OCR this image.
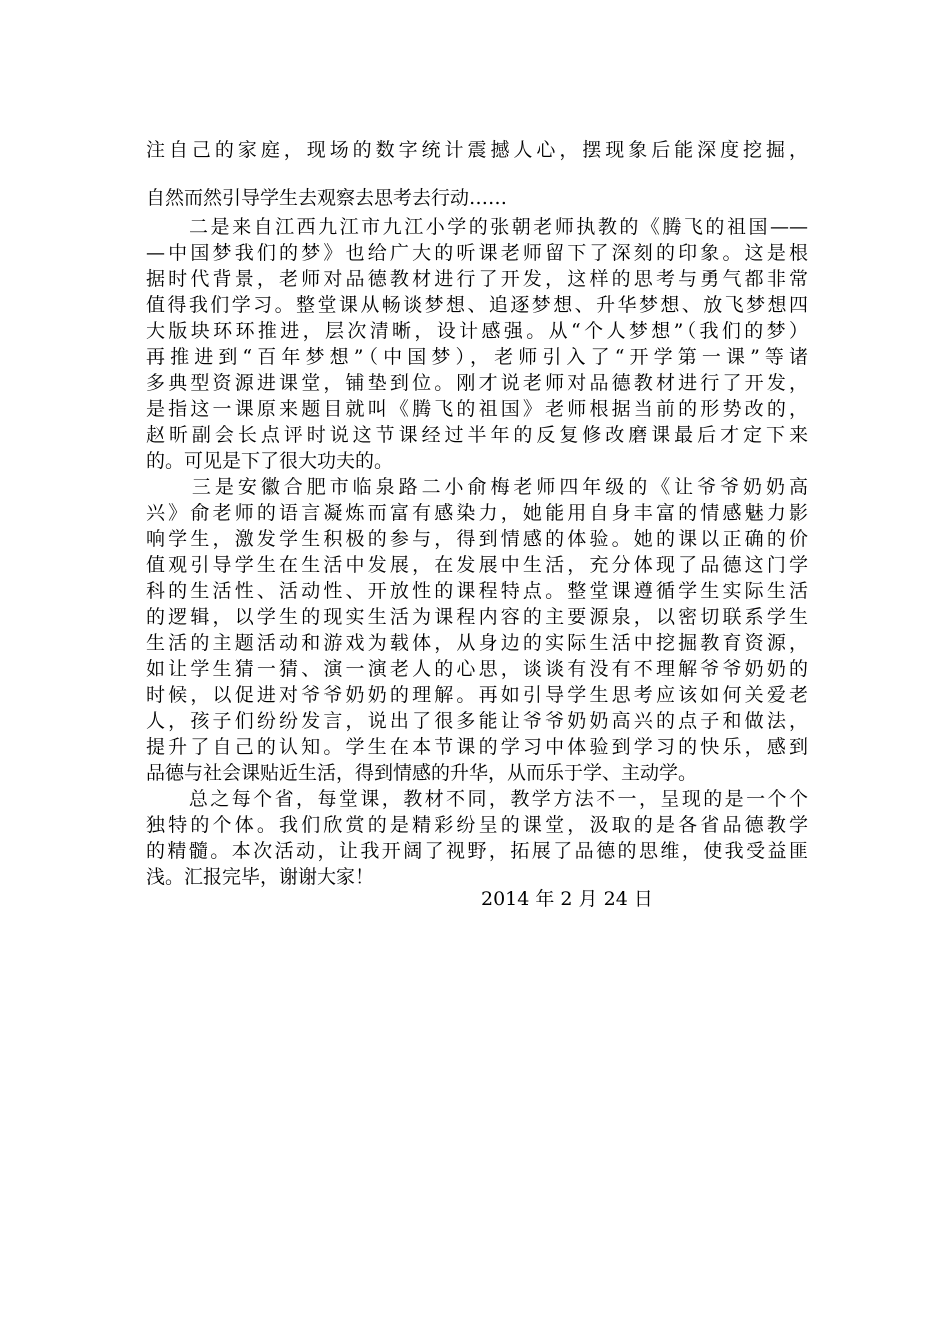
注自己的家庭，现场的数字统计震撼人心，摆现象后能深度挖掘，
自然而然引导学生去观察去思考去行动……
　　二是来自江西九江市九江小学的张朝老师执教的《腾飞的祖国——
—中国梦我们的梦》也给广大的听课老师留下了深刻的印象。这是根
据时代背景，老师对品德教材进行了开发，这样的思考与勇气都非常
值得我们学习。整堂课从畅谈梦想、追逐梦想、升华梦想、放飞梦想四
大版块环环推进，层次清晰，设计感强。从“个人梦想”（我们的梦）
再推进到“百年梦想”（中国梦），老师引入了“开学第一课”等诸
多典型资源进课堂，铺垫到位。刚才说老师对品德教材进行了开发，
是指这一课原来题目就叫《腾飞的祖国》老师根据当前的形势改的，
赵昕副会长点评时说这节课经过半年的反复修改磨课最后才定下来
的。可见是下了很大功夫的。
　　三是安徽合肥市临泉路二小俞梅老师四年级的《让爷爷奶奶高
兴》俞老师的语言凝炼而富有感染力，她能用自身丰富的情感魅力影
响学生，激发学生积极的参与，得到情感的体验。她的课以正确的价
值观引导学生在生活中发展，在发展中生活，充分体现了品德这门学
科的生活性、活动性、开放性的课程特点。整堂课遵循学生实际生活
的逻辑，以学生的现实生活为课程内容的主要源泉，以密切联系学生
生活的主题活动和游戏为载体，从身边的实际生活中挖掘教育资源，
如让学生猜一猜、演一演老人的心思，谈谈有没有不理解爷爷奶奶的
时候，以促进对爷爷奶奶的理解。再如引导学生思考应该如何关爱老
人，孩子们纷纷发言，说出了很多能让爷爷奶奶高兴的点子和做法，
提升了自己的认知。学生在本节课的学习中体验到学习的快乐，感到
品德与社会课贴近生活，得到情感的升华，从而乐于学、主动学。
　　总之每个省，每堂课，教材不同，教学方法不一，呈现的是一个个
独特的个体。我们欣赏的是精彩纷呈的课堂，汲取的是各省品德教学
的精髓。本次活动，让我开阔了视野，拓展了品德的思维，使我受益匪
浅。汇报完毕，谢谢大家！
2014 年 2 月 24 日
